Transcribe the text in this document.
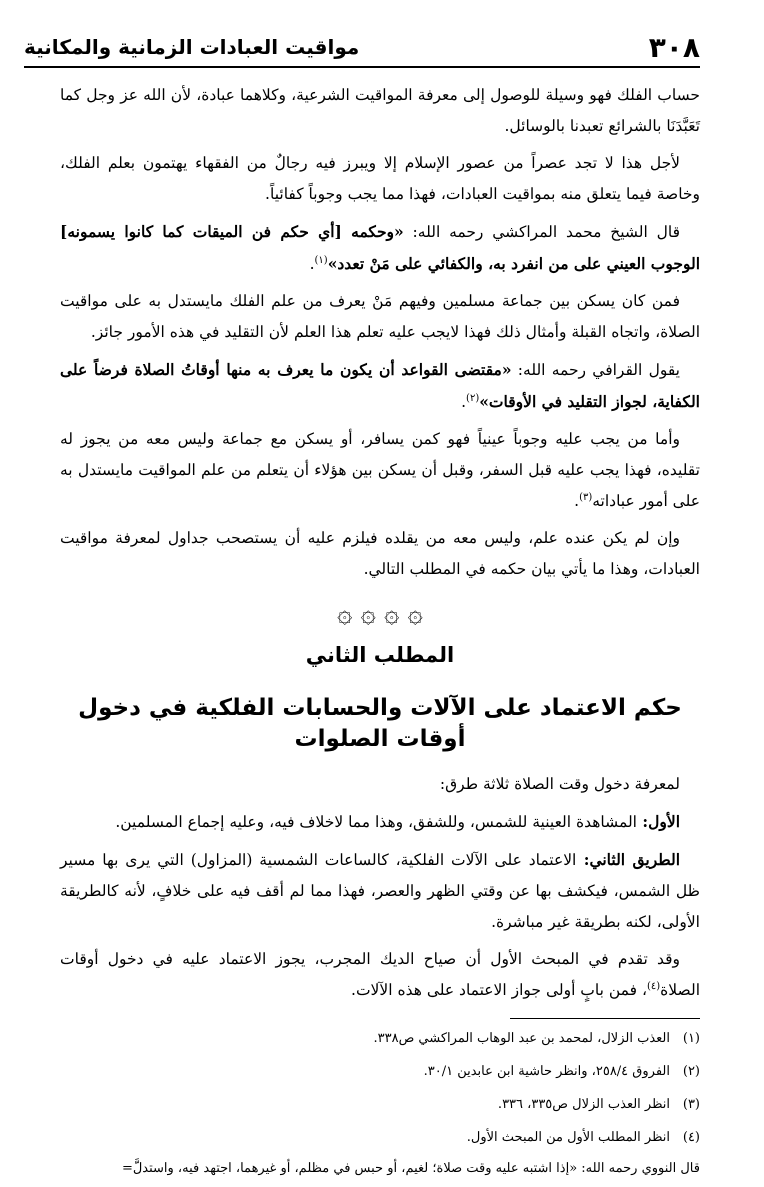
٣٠٨
مواقيت العبادات الزمانية والمكانية

حساب الفلك فهو وسيلة للوصول إلى معرفة المواقيت الشرعية، وكلاهما عبادة، لأن الله عز وجل كما تَعَبَّدَنَا بالشرائع تعبدنا بالوسائل.

لأجل هذا لا تجد عصراً من عصور الإسلام إلا ويبرز فيه رجالٌ من الفقهاء يهتمون بعلم الفلك، وخاصة فيما يتعلق منه بمواقيت العبادات، فهذا مما يجب وجوباً كفائياً.

قال الشيخ محمد المراكشي رحمه الله: «وحكمه [أي حكم فن الميقات كما كانوا يسمونه] الوجوب العيني على من انفرد به، والكفائي على مَنْ تعدد»$^{(١)}$.

فمن كان يسكن بين جماعة مسلمين وفيهم مَنْ يعرف من علم الفلك مايستدل به على مواقيت الصلاة، واتجاه القبلة وأمثال ذلك فهذا لايجب عليه تعلم هذا العلم لأن التقليد في هذه الأمور جائز.

يقول القرافي رحمه الله: «مقتضى القواعد أن يكون ما يعرف به منها أوقاتُ الصلاة فرضاً على الكفاية، لجواز التقليد في الأوقات»$^{(٢)}$.

وأما من يجب عليه وجوباً عينياً فهو كمن يسافر، أو يسكن مع جماعة وليس معه من يجوز له تقليده، فهذا يجب عليه قبل السفر، وقبل أن يسكن بين هؤلاء أن يتعلم من علم المواقيت مايستدل به على أمور عباداته$^{(٣)}$.

وإن لم يكن عنده علم، وليس معه من يقلده فيلزم عليه أن يستصحب جداول لمعرفة مواقيت العبادات، وهذا ما يأتي بيان حكمه في المطلب التالي.

۞ ۞ ۞ ۞
المطلب الثاني
حكم الاعتماد على الآلات والحسابات الفلكية في دخول أوقات الصلوات

لمعرفة دخول وقت الصلاة ثلاثة طرق:

الأول: المشاهدة العينية للشمس، وللشفق، وهذا مما لاخلاف فيه، وعليه إجماع المسلمين.

الطريق الثاني: الاعتماد على الآلات الفلكية، كالساعات الشمسية (المزاول) التي يرى بها مسير ظل الشمس، فيكشف بها عن وقتي الظهر والعصر، فهذا مما لم أقف فيه على خلافٍ، لأنه كالطريقة الأولى، لكنه بطريقة غير مباشرة.

وقد تقدم في المبحث الأول أن صياح الديك المجرب، يجوز الاعتماد عليه في دخول أوقات الصلاة$^{(٤)}$، فمن بابٍ أولى جواز الاعتماد على هذه الآلات.

(١)العذب الزلال، لمحمد بن عبد الوهاب المراكشي ص٣٣٨.

(٢)الفروق ٢٥٨/٤، وانظر حاشية ابن عابدين ٣٠/١.

(٣)انظر العذب الزلال ص٣٣٥، ٣٣٦.

(٤)انظر المطلب الأول من المبحث الأول.

قال النووي رحمه الله: «إذا اشتبه عليه وقت صلاة؛ لغيم، أو حبس في مظلم، أو غيرهما، اجتهد فيه، واستدلَّ=
